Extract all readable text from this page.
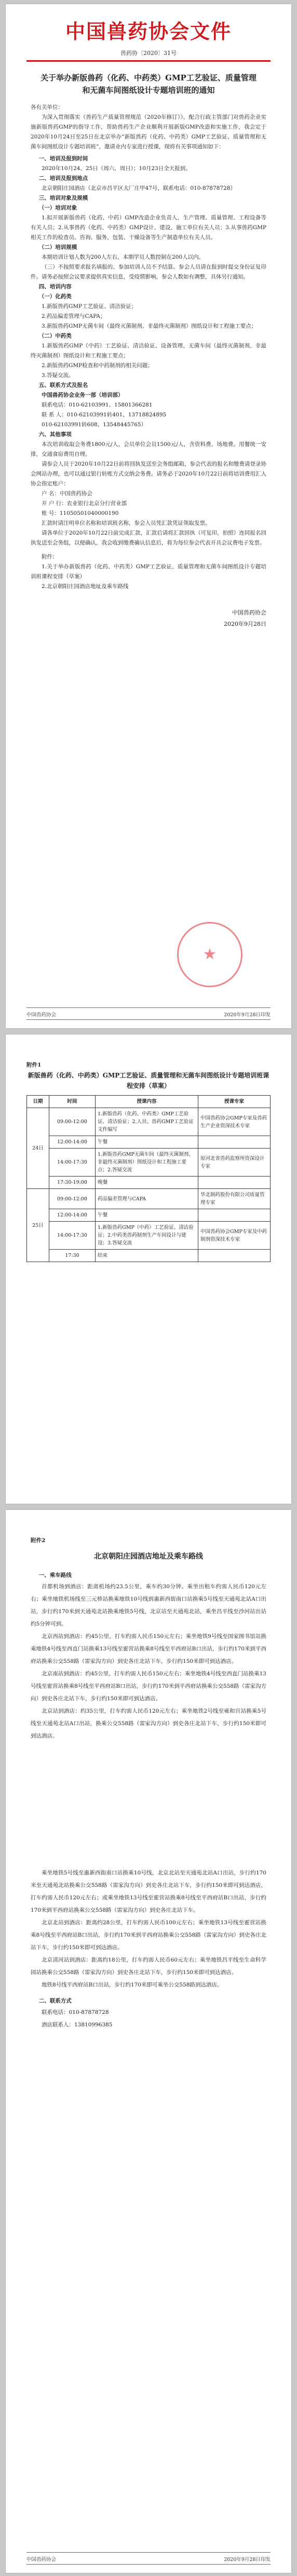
中国兽药协会文件
兽药协〔2020〕31号
关于举办新版兽药（化药、中药类）GMP工艺验证、质量管理和无菌车间图纸设计专题培训班的通知

各有关单位：

为深入贯彻落实《兽药生产质量管理规范（2020年修订）》，配合行政主管部门对兽药企业实施新版兽药GMP的指导工作，帮助兽药生产企业顺利开展新版GMP改造和实施工作，我会定于2020年10月24日至25日在北京举办“新版兽药（化药、中药类）GMP工艺验证、质量管理和无菌车间图纸设计专题培训班”，邀请业内专家进行授课，现将有关事项通知如下：

一、培训及报到时间

2020年10月24、25日（周六、周日）；10月23日全天报到。

二、培训及报到地点

北京朝阳庄园酒店（北京市昌平区大厂庄甲47号，联系电话：010-87878728）

三、培训对象及规模

（一）培训对象

1.拟开展新版兽药（化药、中药）GMP改造企业负责人，生产管理、质量管理、工程设备等有关人员；2.从事兽药（化药、中药类）GMP设计、建设、施工单位有关人员；3.从事兽药GMP相关工作的检查员、咨询、服务、包装、干燥设备等生产制造单位有关人员。

（二）培训规模

本期培训计划人数为200人左右，本期学员人数控制在200人以内。

（三）不按照要求报名填报的、参加培训人员不予结算。参会人员请在报到时提交身份证复印件。请务必按照会议要求提供真实信息，受疫情影响，参会人数如有调整，具体另行通知。

四、培训内容

（一）化药类

1.新版兽药GMP工艺验证、清洁验证；

2.药品偏差管理与CAPA；

3.新版兽药GMP无菌车间（最终灭菌制剂、非最终灭菌制剂）图纸设计和工程施工要点；

（二）中药类

1.新版兽药GMP（中药）工艺验证、清洁验证、设备管理，无菌车间（最终灭菌制剂、非最终灭菌制剂）图纸设计和工程施工要点；

2.新版兽药GMP检查和中药制剂的相关问题；

3.答疑交流。

五、联系方式及报名

中国兽药协会业务一部（培训部）

联系电话：010-62103991、15801366281

联 系 人：010-62103991转401、13718824895

010-62103991转608、13548445765）

六、其他事项

本次培训收取会务费1800元/人，会员单位会员1500元/人，含资料费、场地费。用餐统一安排，交通食宿费用自理。

请参会人员于2020年10月22日前将回执发送至会务组邮箱，参会代表的报名和缴费请登录协会网站办理，也可以通过银行转账方式交纳会务费。请务必于2020年10月22日前将培训费用汇入协会指定账户：

户 名：中国兽药协会

开 户 行：农业银行北京分行营业部

账 号：11050501040000190

汇款时请注明单位名称和培训班名称，参会人员凭汇款凭证领取发票。

请各单位于2020年10月22日前完成汇款，汇款后请将汇款回执（可复印，拍照）连同报名回执发送至会务组，以便确认，我会收到缴费确认信息后，将为每位参会代表开具会议费电子发票。

附件：

1.关于举办新版兽药（化药、中药类）GMP工艺验证、质量管理和无菌车间图纸设计专题培训班课程安排（草案）

2.北京朝阳庄园酒店地址及乘车路线

中国兽药协会
2020年9月28日
★
中国兽药协会	2020年9月28日印发

附件1

新版兽药（化药、中药类）GMP工艺验证、质量管理和无菌车间图纸设计专题培训班课程安排（草案）
日期	时间	授课内容	授课专家
24日	09:00-12:00	1.新版兽药（化药、中药类）GMP工艺验证、清洁验证；2.人员、兽药GMP工艺验证文件编写	中国兽药协会GMP专家及兽药生产企业资深技术专家
	12:00-14:00	午餐	
	14:00-17:30	1.新版兽药GMP无菌车间（最终灭菌制剂、非最终灭菌制剂）图纸设计和工程施工要点；2.答疑交流	原河北省兽药监察所资深设计专家
	17:30-19:00	晚餐	
25日	09:00-12:00	药品偏差管理与CAPA	华北制药股份有限公司质量管理专家
	12:00-14:00	午餐	
	14:00-17:30	1.新版兽药GMP（中药）工艺验证、清洁验证；2.中药类兽药制剂生产车间设计与建设；3.答疑交流	中国兽药协会GMP专家及中药制剂资深技术专家
	17:30	结束	

附件2

北京朝阳庄园酒店地址及乘车路线

一、乘车路线

首都机场到酒店：距离机场约23.5公里，乘车约30分钟。乘坐出租车约需人民币120元左右；乘坐地铁机场线至三元桥站换乘地铁10号线到惠新西街南口站换乘5号线至天通苑北站A口出站，步行约170米到天通苑北站换乘地铁5号线，北京站至天通苑北站，乘坐昌平线至沙河站出站约5分钟可到。

北京西站到酒店：约45公里，打车约需人民币150元左右；乘坐地铁9号线至国家图书馆站换乘地铁4号线至西直门站换乘13号线至霍营站换乘8号线至平西府站B口出站，步行约170米到平西府站换乘公交558路（雷家沟方向）到史各庄北站下车，步行约150米即可到达酒店。

北京南站到酒店：约45公里，打车约需人民币150元左右；乘坐地铁4号线至西直门站换乘13号线至霍营站换乘8号线至平西府站B口出站，步行约170米到平西府站换乘公交558路（雷家沟方向）到史各庄北站下车，步行约150米即可到达酒店。

北京站到酒店：约35公里，打车约需人民币120元左右；乘坐地铁2号线至雍和宫站换乘5号线至天通苑北站A口出站，换乘公交558路（雷家沟方向）到史各庄北站下车，步行约150米即可到达酒店。

乘坐地铁5号线至惠新西街南口站换乘10号线，北京北站至天通苑北站A口出站，步行约170米至天通苑北站换乘公交558路（雷家沟方向）到史各庄北站下车，步行约150米即可到达酒店，打车约需人民币120元左右；或乘坐地铁13号线至霍营站换乘8号线至平西府站B口出站，步行约170米到平西府站换乘公交558路（雷家沟方向）到史各庄北站下车。

北京北站到酒店：距离约28公里，打车约需人民币100元左右；乘坐地铁13号线至霍营站换乘8号线至平西府站B口出站，步行约170米到平西府站换乘公交558路（雷家沟方向）到史各庄北站下车，步行约150米即可到达酒店。

北京清河站到酒店：距离约18公里，打车约需人民币60元左右；乘坐地铁昌平线至生命科学园站换乘公交558路（雷家沟方向）到史各庄北站下车，步行约150米即可到达酒店。

地铁8号线平西府站B口出站，步行约170米即可乘坐公交558路到达酒店。

二、联系方式

联系电话：010-87878728

酒店联系人：13810996385

中国兽药协会	2020年9月28日印发
